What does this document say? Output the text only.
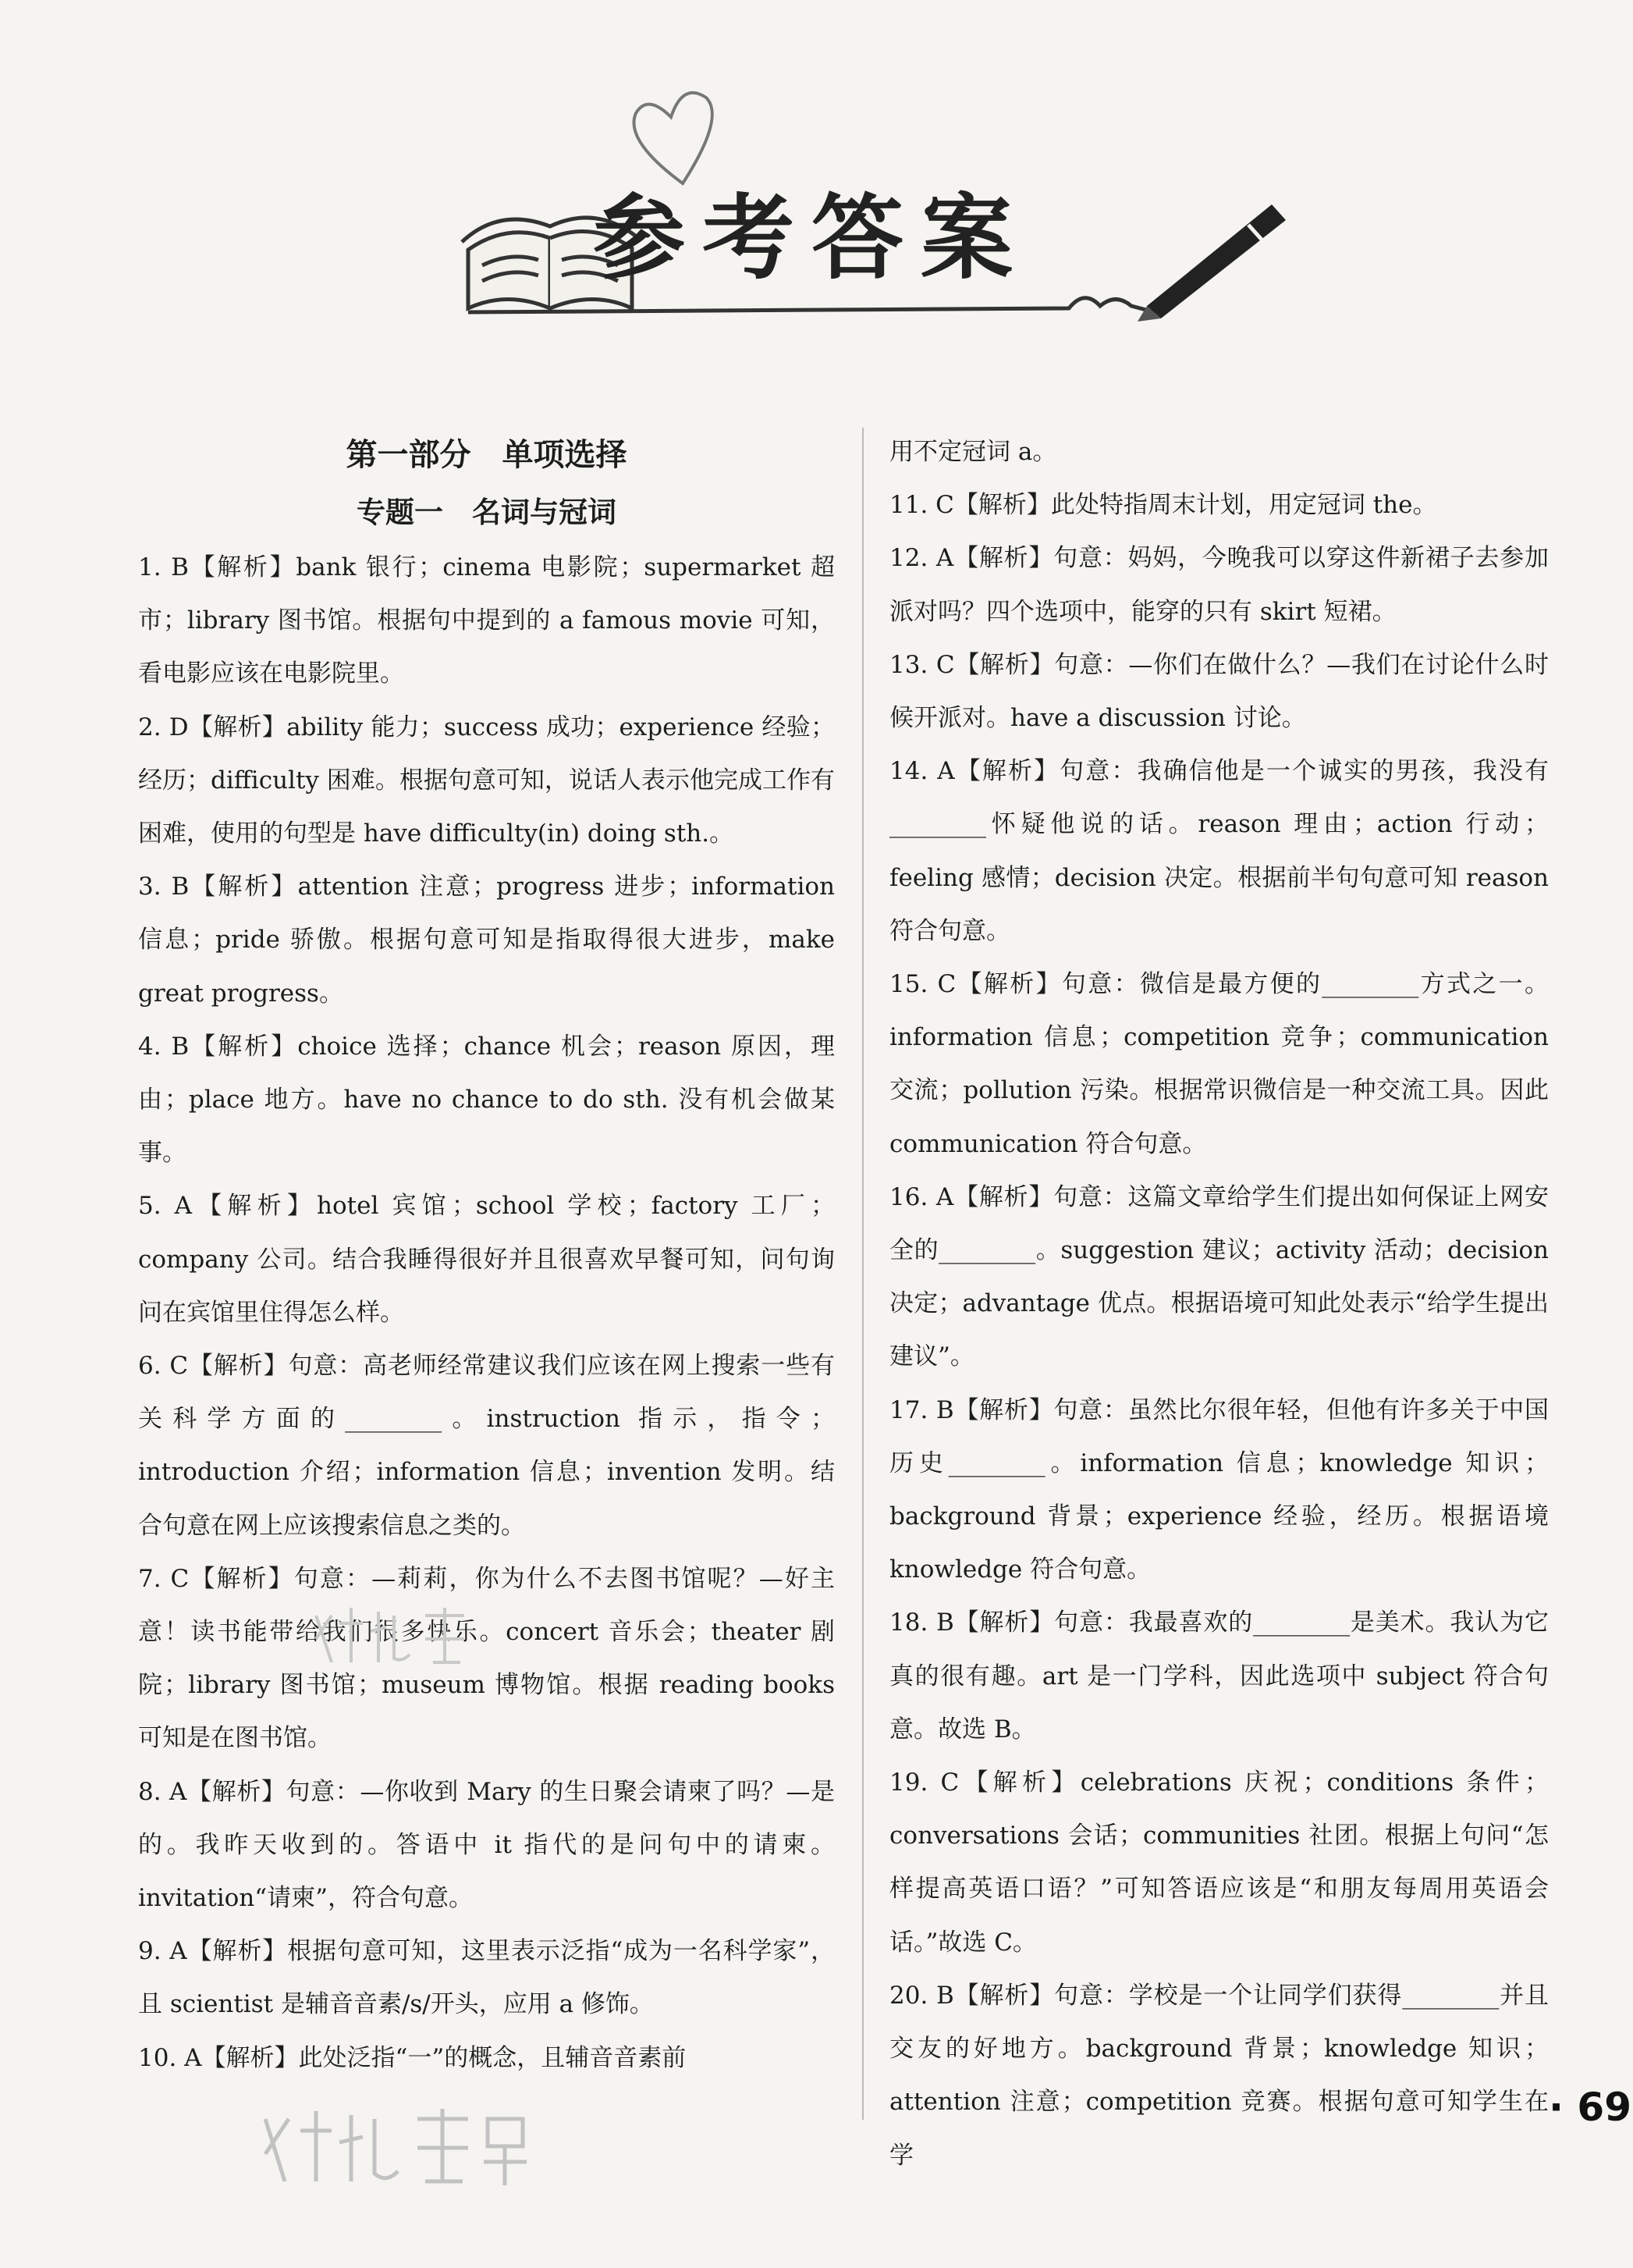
参考答案

第一部分　单项选择

专题一　名词与冠词

1. B【解析】bank 银行；cinema 电影院；supermarket 超市；library 图书馆。根据句中提到的 a famous movie 可知，看电影应该在电影院里。

2. D【解析】ability 能力；success 成功；experience 经验；经历；difficulty 困难。根据句意可知，说话人表示他完成工作有困难，使用的句型是 have difficulty(in) doing sth.。

3. B【解析】attention 注意；progress 进步；information 信息；pride 骄傲。根据句意可知是指取得很大进步，make great progress。

4. B【解析】choice 选择；chance 机会；reason 原因，理由；place 地方。have no chance to do sth. 没有机会做某事。

5. A【解析】hotel 宾馆；school 学校；factory 工厂；company 公司。结合我睡得很好并且很喜欢早餐可知，问句询问在宾馆里住得怎么样。

6. C【解析】句意：高老师经常建议我们应该在网上搜索一些有关科学方面的________。instruction 指示，指令；introduction 介绍；information 信息；invention 发明。结合句意在网上应该搜索信息之类的。

7. C【解析】句意：—莉莉，你为什么不去图书馆呢？—好主意！读书能带给我们很多快乐。concert 音乐会；theater 剧院；library 图书馆；museum 博物馆。根据 reading books 可知是在图书馆。

8. A【解析】句意：—你收到 Mary 的生日聚会请柬了吗？—是的。我昨天收到的。答语中 it 指代的是问句中的请柬。invitation“请柬”，符合句意。

9. A【解析】根据句意可知，这里表示泛指“成为一名科学家”，且 scientist 是辅音音素/s/开头，应用 a 修饰。

10. A【解析】此处泛指“一”的概念，且辅音音素前

用不定冠词 a。

11. C【解析】此处特指周末计划，用定冠词 the。

12. A【解析】句意：妈妈，今晚我可以穿这件新裙子去参加派对吗？四个选项中，能穿的只有 skirt 短裙。

13. C【解析】句意：—你们在做什么？—我们在讨论什么时候开派对。have a discussion 讨论。

14. A【解析】句意：我确信他是一个诚实的男孩，我没有________怀疑他说的话。reason 理由；action 行动；feeling 感情；decision 决定。根据前半句句意可知 reason 符合句意。

15. C【解析】句意：微信是最方便的________方式之一。information 信息；competition 竞争；communication 交流；pollution 污染。根据常识微信是一种交流工具。因此 communication 符合句意。

16. A【解析】句意：这篇文章给学生们提出如何保证上网安全的________。suggestion 建议；activity 活动；decision 决定；advantage 优点。根据语境可知此处表示“给学生提出建议”。

17. B【解析】句意：虽然比尔很年轻，但他有许多关于中国历史________。information 信息；knowledge 知识；background 背景；experience 经验，经历。根据语境 knowledge 符合句意。

18. B【解析】句意：我最喜欢的________是美术。我认为它真的很有趣。art 是一门学科，因此选项中 subject 符合句意。故选 B。

19. C【解析】celebrations 庆祝；conditions 条件；conversations 会话；communities 社团。根据上句问“怎样提高英语口语？”可知答语应该是“和朋友每周用英语会话。”故选 C。

20. B【解析】句意：学校是一个让同学们获得________并且交友的好地方。background 背景；knowledge 知识；attention 注意；competition 竞赛。根据句意可知学生在学

· 69
